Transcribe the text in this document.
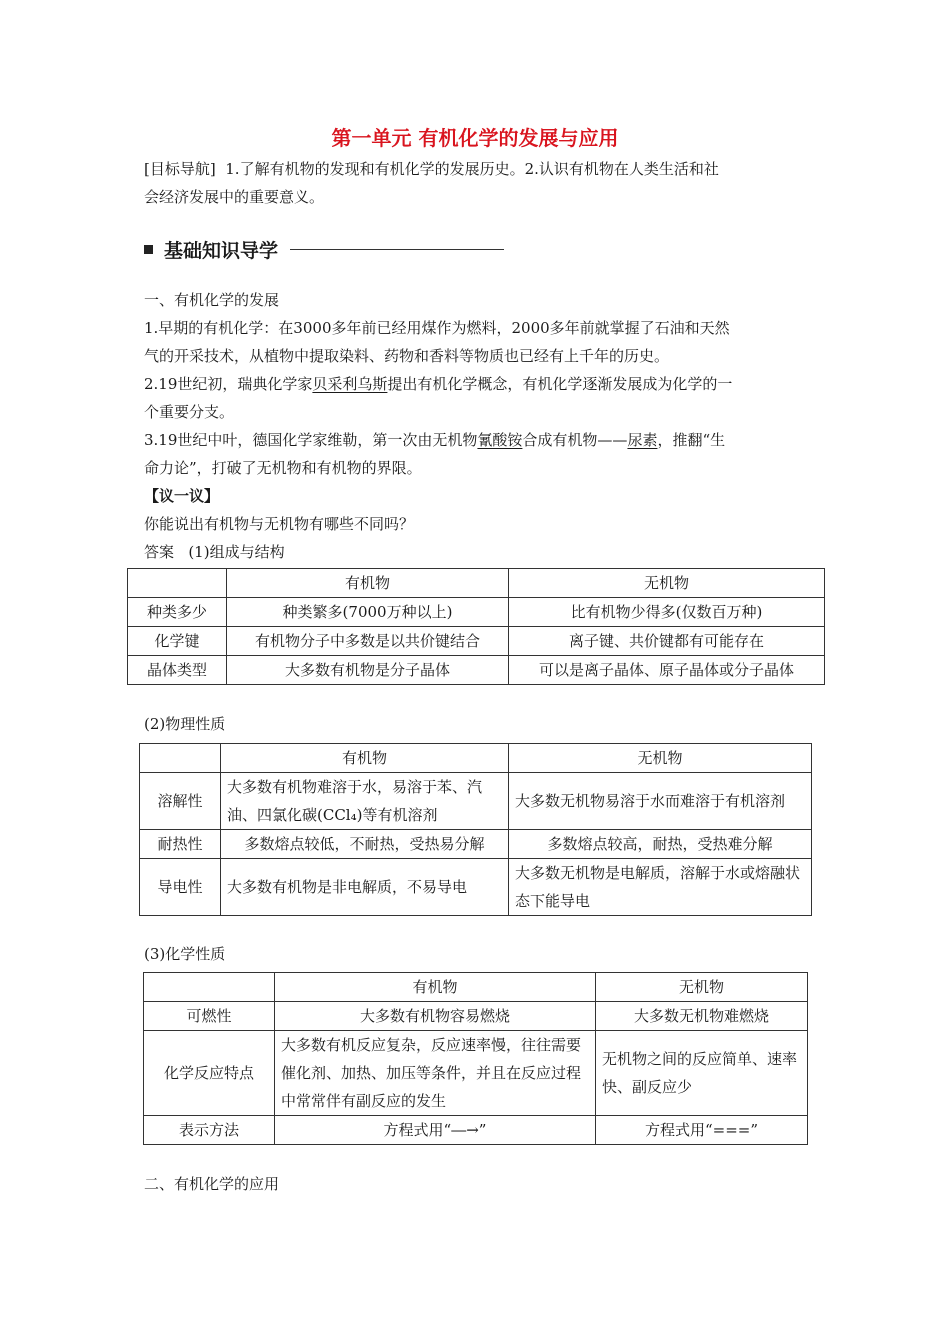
第一单元 有机化学的发展与应用
[目标导航] 1.了解有机物的发现和有机化学的发展历史。2.认识有机物在人类生活和社
会经济发展中的重要意义。
基础知识导学
一、有机化学的发展
1.早期的有机化学：在3000多年前已经用煤作为燃料，2000多年前就掌握了石油和天然
气的开采技术，从植物中提取染料、药物和香料等物质也已经有上千年的历史。
2.19世纪初，瑞典化学家贝采利乌斯提出有机化学概念，有机化学逐渐发展成为化学的一
个重要分支。
3.19世纪中叶，德国化学家维勒，第一次由无机物氰酸铵合成有机物——尿素，推翻“生
命力论”，打破了无机物和有机物的界限。
【议一议】
你能说出有机物与无机物有哪些不同吗？
答案 (1)组成与结构
	有机物	无机物
种类多少	种类繁多(7000万种以上)	比有机物少得多(仅数百万种)
化学键	有机物分子中多数是以共价键结合	离子键、共价键都有可能存在
晶体类型	大多数有机物是分子晶体	可以是离子晶体、原子晶体或分子晶体
(2)物理性质
	有机物	无机物
溶解性	大多数有机物难溶于水，易溶于苯、汽油、四氯化碳(CCl₄)等有机溶剂	大多数无机物易溶于水而难溶于有机溶剂
耐热性	多数熔点较低，不耐热，受热易分解	多数熔点较高，耐热，受热难分解
导电性	大多数有机物是非电解质，不易导电	大多数无机物是电解质，溶解于水或熔融状态下能导电
(3)化学性质
	有机物	无机物
可燃性	大多数有机物容易燃烧	大多数无机物难燃烧
化学反应特点	大多数有机反应复杂，反应速率慢，往往需要催化剂、加热、加压等条件，并且在反应过程中常常伴有副反应的发生	无机物之间的反应简单、速率快、副反应少
表示方法	方程式用“―→”	方程式用“===”
二、有机化学的应用
